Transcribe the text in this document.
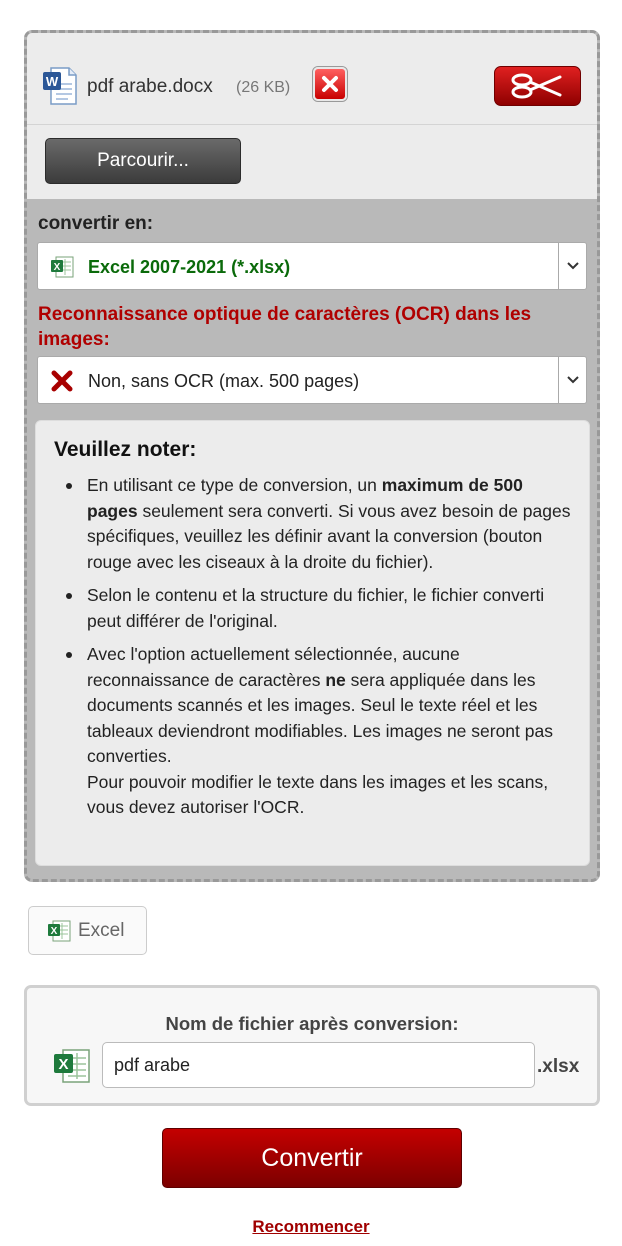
W pdf arabe.docx (26 KB)
Parcourir...
convertir en:
X Excel 2007-2021 (*.xlsx)
Reconnaissance optique de caractères (OCR) dans les images:
Non, sans OCR (max. 500 pages)
Veuillez noter:
En utilisant ce type de conversion, un maximum de 500 pages seulement sera converti. Si vous avez besoin de pages spécifiques, veuillez les définir avant la conversion (bouton rouge avec les ciseaux à la droite du fichier).
Selon le contenu et la structure du fichier, le fichier converti peut différer de l'original.
Avec l'option actuellement sélectionnée, aucune reconnaissance de caractères ne sera appliquée dans les documents scannés et les images. Seul le texte réel et les tableaux deviendront modifiables. Les images ne seront pas converties.
Pour pouvoir modifier le texte dans les images et les scans, vous devez autoriser l'OCR.
X Excel
Nom de fichier après conversion:
X
pdf arabe	.xlsx
Convertir
Recommencer
